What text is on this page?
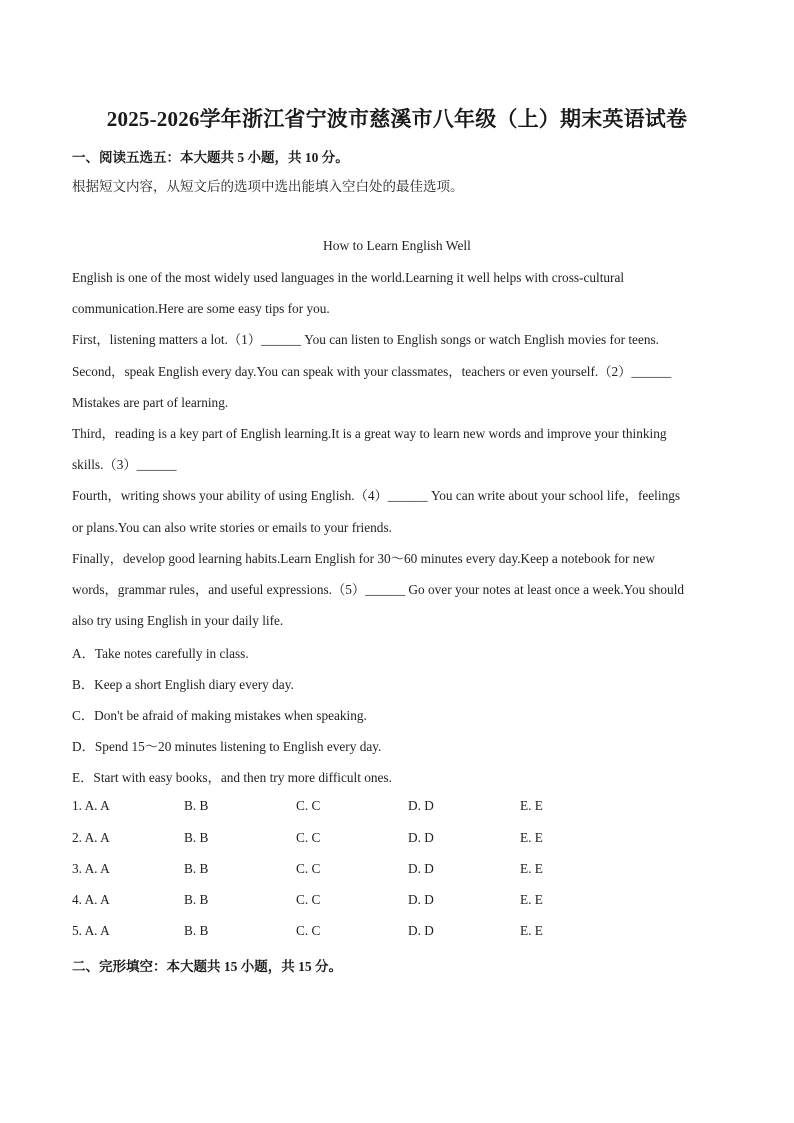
2025-2026学年浙江省宁波市慈溪市八年级（上）期末英语试卷
一、阅读五选五：本大题共 5 小题，共 10 分。
根据短文内容，从短文后的选项中选出能填入空白处的最佳选项。
How to Learn English Well
English is one of the most widely used languages in the world.Learning it well helps with cross-cultural
communication.Here are some easy tips for you.
First，listening matters a lot.（1）______ You can listen to English songs or watch English movies for teens.
Second，speak English every day.You can speak with your classmates，teachers or even yourself.（2）______
Mistakes are part of learning.
Third，reading is a key part of English learning.It is a great way to learn new words and improve your thinking
skills.（3）______
Fourth，writing shows your ability of using English.（4）______ You can write about your school life，feelings
or plans.You can also write stories or emails to your friends.
Finally，develop good learning habits.Learn English for 30～60 minutes every day.Keep a notebook for new
words，grammar rules，and useful expressions.（5）______ Go over your notes at least once a week.You should
also try using English in your daily life.
A．Take notes carefully in class.
B．Keep a short English diary every day.
C．Don't be afraid of making mistakes when speaking.
D．Spend 15～20 minutes listening to English every day.
E．Start with easy books，and then try more difficult ones.
1. A. A	B. B	C. C	D. D	E. E
2. A. A	B. B	C. C	D. D	E. E
3. A. A	B. B	C. C	D. D	E. E
4. A. A	B. B	C. C	D. D	E. E
5. A. A	B. B	C. C	D. D	E. E
二、完形填空：本大题共 15 小题，共 15 分。
